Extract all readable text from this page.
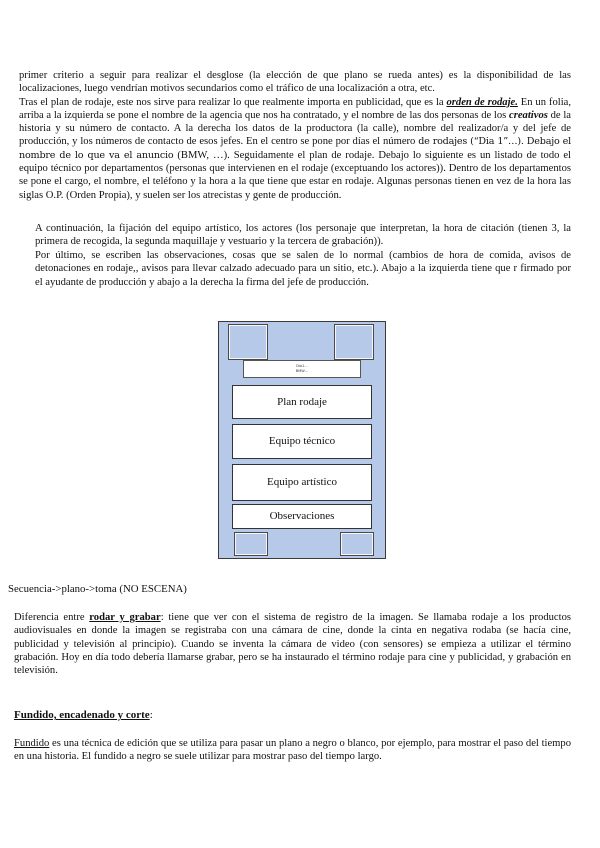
primer criterio a seguir para realizar el desglose (la elección de que plano se rueda antes) es la disponibilidad de las localizaciones, luego vendrían motivos secundarios como el tráfico de una localización a otra, etc.
Tras el plan de rodaje, este nos sirve para realizar lo que realmente importa en publicidad, que es la orden de rodaje. En un folia, arriba a la izquierda se pone el nombre de la agencia que nos ha contratado, y el nombre de las dos personas de los creativos de la historia y su número de contacto. A la derecha los datos de la productora (la calle), nombre del realizador/a y del jefe de producción, y los números de contacto de esos jefes. En el centro se pone por días el número de rodajes (“Dia 1”…). Debajo el nombre de lo que va el anuncio (BMW, …). Seguidamente el plan de rodaje. Debajo lo siguiente es un listado de todo el equipo técnico por departamentos (personas que intervienen en el rodaje (exceptuando los actores)). Dentro de los departamentos se pone el cargo, el nombre, el teléfono y la hora a la que tiene que estar en rodaje. Algunas personas tienen en vez de la hora las siglas O.P. (Orden Propia), y suelen ser los atrecistas y gente de producción.

A continuación, la fijación del equipo artístico, los actores (los personaje que interpretan, la hora de citación (tienen 3, la primera de recogida, la segunda maquillaje y vestuario y la tercera de grabación)).

Por último, se escriben las observaciones, cosas que se salen de lo normal (cambios de hora de comida, avisos de detonaciones en rodaje,, avisos para llevar calzado adecuado para un sitio, etc.). Abajo a la izquierda tiene que r firmado por el ayudante de producción y abajo a la derecha la firma del jefe de producción.

Dia1…
BMW…
Plan rodaje
Equipo técnico
Equipo artístico
Observaciones

Secuencia->plano->toma (NO ESCENA)

Diferencia entre rodar y grabar: tiene que ver con el sistema de registro de la imagen. Se llamaba rodaje a los productos audiovisuales en donde la imagen se registraba con una cámara de cine, donde la cinta en negativa rodaba (se hacía cine, publicidad y televisión al principio). Cuando se inventa la cámara de video (con sensores) se empieza a utilizar el término grabación. Hoy en día todo debería llamarse grabar, pero se ha instaurado el término rodaje para cine y publicidad, y grabación en televisión.

Fundido, encadenado y corte:

Fundido es una técnica de edición que se utiliza para pasar un plano a negro o blanco, por ejemplo, para mostrar el paso del tiempo en una historia. El fundido a negro se suele utilizar para mostrar paso del tiempo largo.
